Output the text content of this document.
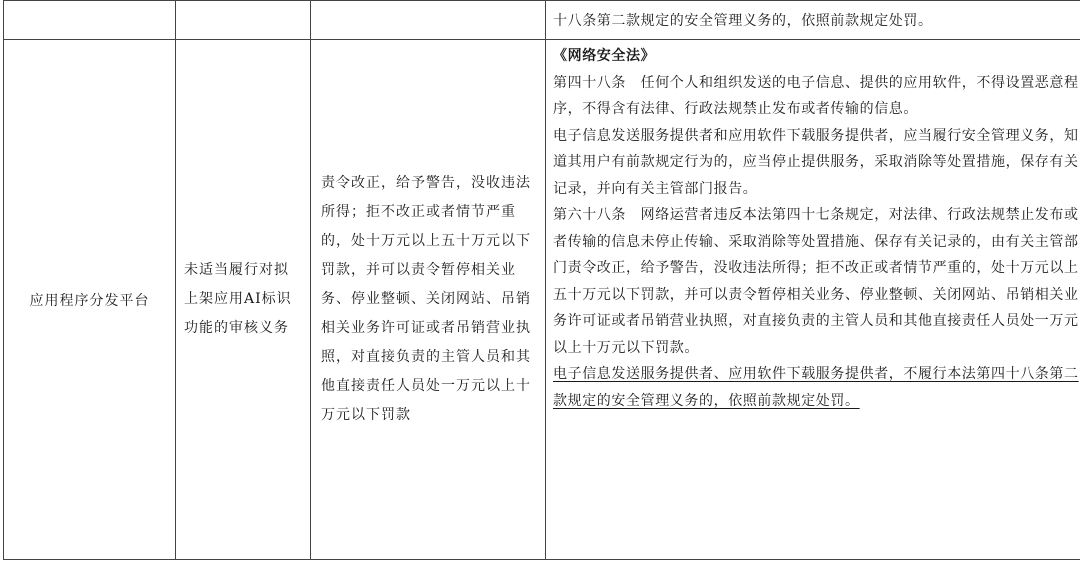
			十八条第二款规定的安全管理义务的，依照前款规定处罚。

应用程序分发平台	未适当履行对拟上架应用AI标识功能的审核义务	责令改正，给予警告，没收违法所得；拒不改正或者情节严重的，处十万元以上五十万元以下罚款，并可以责令暂停相关业务、停业整顿、关闭网站、吊销相关业务许可证或者吊销营业执照，对直接负责的主管人员和其他直接责任人员处一万元以上十万元以下罚款	《网络安全法》

第四十八条　任何个人和组织发送的电子信息、提供的应用软件，不得设置恶意程序，不得含有法律、行政法规禁止发布或者传输的信息。

电子信息发送服务提供者和应用软件下载服务提供者，应当履行安全管理义务，知道其用户有前款规定行为的，应当停止提供服务，采取消除等处置措施，保存有关记录，并向有关主管部门报告。

第六十八条　网络运营者违反本法第四十七条规定，对法律、行政法规禁止发布或者传输的信息未停止传输、采取消除等处置措施、保存有关记录的，由有关主管部门责令改正，给予警告，没收违法所得；拒不改正或者情节严重的，处十万元以上五十万元以下罚款，并可以责令暂停相关业务、停业整顿、关闭网站、吊销相关业务许可证或者吊销营业执照，对直接负责的主管人员和其他直接责任人员处一万元以上十万元以下罚款。

电子信息发送服务提供者、应用软件下载服务提供者，不履行本法第四十八条第二款规定的安全管理义务的，依照前款规定处罚。
